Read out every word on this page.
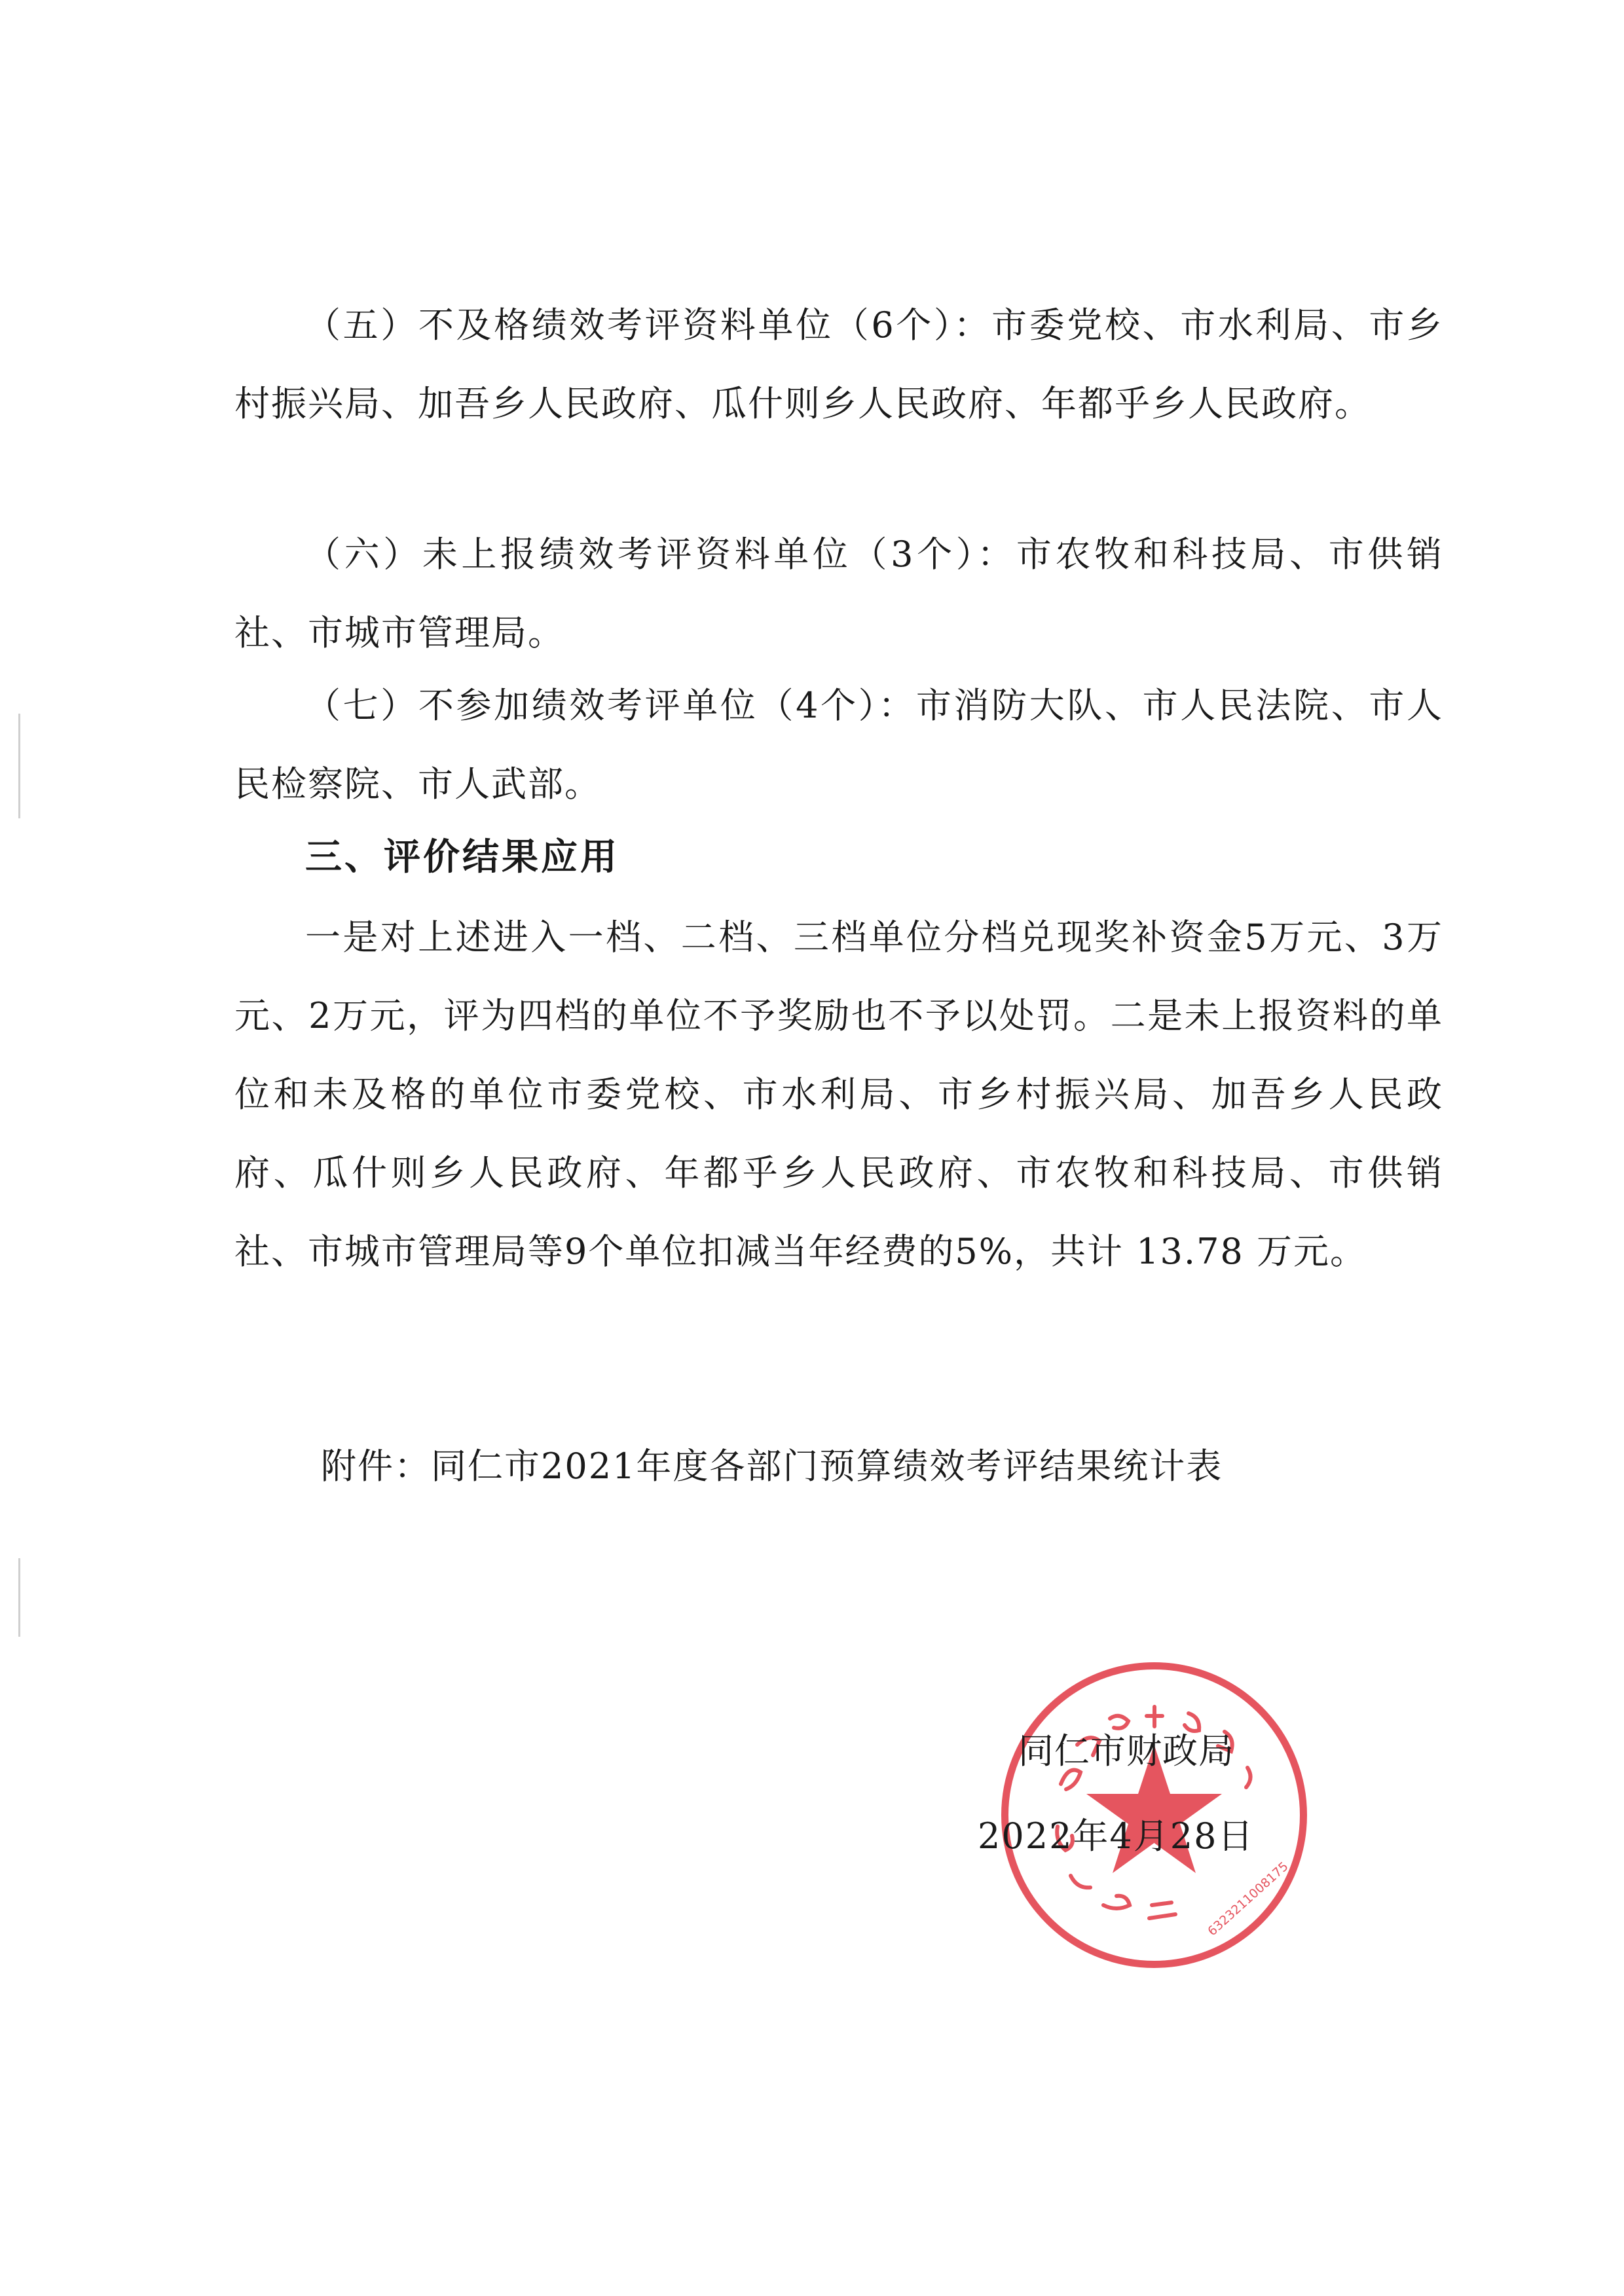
（五）不及格绩效考评资料单位（6个）：市委党校、市水利局、市乡村振兴局、加吾乡人民政府、瓜什则乡人民政府、年都乎乡人民政府。

（六）未上报绩效考评资料单位（3个）：市农牧和科技局、市供销社、市城市管理局。

（七）不参加绩效考评单位（4个）：市消防大队、市人民法院、市人民检察院、市人武部。

三、评价结果应用

一是对上述进入一档、二档、三档单位分档兑现奖补资金5万元、3万元、2万元，评为四档的单位不予奖励也不予以处罚。二是未上报资料的单位和未及格的单位市委党校、市水利局、市乡村振兴局、加吾乡人民政府、瓜什则乡人民政府、年都乎乡人民政府、市农牧和科技局、市供销社、市城市管理局等9个单位扣减当年经费的5%，共计 13.78 万元。

附件：同仁市2021年度各部门预算绩效考评结果统计表
6323211008175
同仁市财政局
2022年4月28日
